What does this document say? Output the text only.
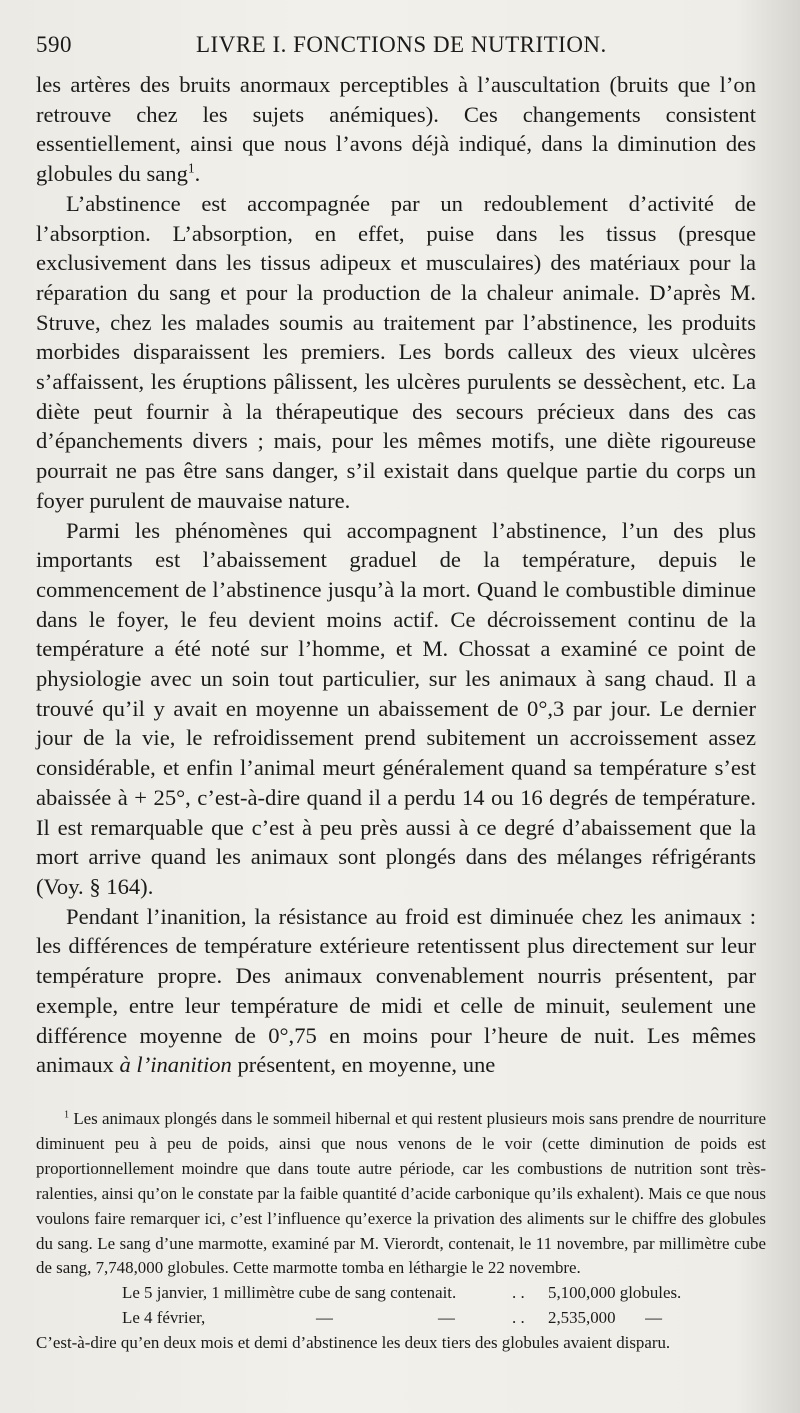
590	LIVRE I. FONCTIONS DE NUTRITION.

les artères des bruits anormaux perceptibles à l’auscultation (bruits que l’on retrouve chez les sujets anémiques). Ces changements consistent essentiellement, ainsi que nous l’avons déjà indiqué, dans la diminution des globules du sang$^1$.

L’abstinence est accompagnée par un redoublement d’activité de l’absorption. L’absorption, en effet, puise dans les tissus (presque exclusivement dans les tissus adipeux et musculaires) des matériaux pour la réparation du sang et pour la production de la chaleur animale. D’après M. Struve, chez les malades soumis au traitement par l’abstinence, les produits morbides disparaissent les premiers. Les bords calleux des vieux ulcères s’affaissent, les éruptions pâlissent, les ulcères purulents se dessèchent, etc. La diète peut fournir à la thérapeutique des secours précieux dans des cas d’épanchements divers ; mais, pour les mêmes motifs, une diète rigoureuse pourrait ne pas être sans danger, s’il existait dans quelque partie du corps un foyer purulent de mauvaise nature.

Parmi les phénomènes qui accompagnent l’abstinence, l’un des plus importants est l’abaissement graduel de la température, depuis le commencement de l’abstinence jusqu’à la mort. Quand le combustible diminue dans le foyer, le feu devient moins actif. Ce décroissement continu de la température a été noté sur l’homme, et M. Chossat a examiné ce point de physiologie avec un soin tout particulier, sur les animaux à sang chaud. Il a trouvé qu’il y avait en moyenne un abaissement de 0°,3 par jour. Le dernier jour de la vie, le refroidissement prend subitement un accroissement assez considérable, et enfin l’animal meurt généralement quand sa température s’est abaissée à + 25°, c’est-à-dire quand il a perdu 14 ou 16 degrés de température. Il est remarquable que c’est à peu près aussi à ce degré d’abaissement que la mort arrive quand les animaux sont plongés dans des mélanges réfrigérants (Voy. § 164).

Pendant l’inanition, la résistance au froid est diminuée chez les animaux : les différences de température extérieure retentissent plus directement sur leur température propre. Des animaux convenablement nourris présentent, par exemple, entre leur température de midi et celle de minuit, seulement une différence moyenne de 0°,75 en moins pour l’heure de nuit. Les mêmes animaux à l’inanition présentent, en moyenne, une

$^1$ Les animaux plongés dans le sommeil hibernal et qui restent plusieurs mois sans prendre de nourriture diminuent peu à peu de poids, ainsi que nous venons de le voir (cette diminution de poids est proportionnellement moindre que dans toute autre période, car les combustions de nutrition sont très-ralenties, ainsi qu’on le constate par la faible quantité d’acide carbonique qu’ils exhalent). Mais ce que nous voulons faire remarquer ici, c’est l’influence qu’exerce la privation des aliments sur le chiffre des globules du sang. Le sang d’une marmotte, examiné par M. Vierordt, contenait, le 11 novembre, par millimètre cube de sang, 7,748,000 globules. Cette marmotte tomba en léthargie le 22 novembre.

Le 5 janvier, 1 millimètre cube de sang contenait.	. . 5,100,000 globules.
Le 4 février,	—	—	. . 2,535,000 —

C’est-à-dire qu’en deux mois et demi d’abstinence les deux tiers des globules avaient disparu.
